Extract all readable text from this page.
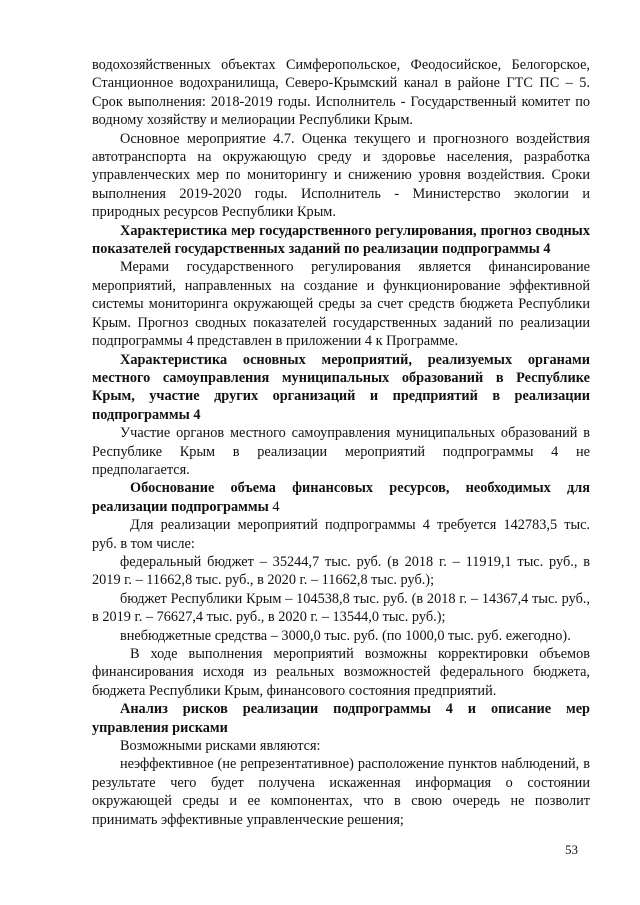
водохозяйственных объектах Симферопольское, Феодосийское, Белогорское, Станционное водохранилища, Северо-Крымский канал в районе ГТС ПС – 5. Срок выполнения: 2018-2019 годы. Исполнитель - Государственный комитет по водному хозяйству и мелиорации Республики Крым.

Основное мероприятие 4.7. Оценка текущего и прогнозного воздействия автотранспорта на окружающую среду и здоровье населения, разработка управленческих мер по мониторингу и снижению уровня воздействия. Сроки выполнения 2019-2020 годы. Исполнитель - Министерство экологии и природных ресурсов Республики Крым.

Характеристика мер государственного регулирования, прогноз сводных показателей государственных заданий по реализации подпрограммы 4

Мерами государственного регулирования является финансирование мероприятий, направленных на создание и функционирование эффективной системы мониторинга окружающей среды за счет средств бюджета Республики Крым. Прогноз сводных показателей государственных заданий по реализации подпрограммы 4 представлен в приложении 4 к Программе.

Характеристика основных мероприятий, реализуемых органами местного самоуправления муниципальных образований в Республике Крым, участие других организаций и предприятий в реализации подпрограммы 4

Участие органов местного самоуправления муниципальных образований в Республике Крым в реализации мероприятий подпрограммы 4 не предполагается.

Обоснование объема финансовых ресурсов, необходимых для реализации подпрограммы 4

Для реализации мероприятий подпрограммы 4 требуется 142783,5 тыс. руб. в том числе:

федеральный бюджет – 35244,7 тыс. руб. (в 2018 г. – 11919,1 тыс. руб., в 2019 г. – 11662,8 тыс. руб., в 2020 г. – 11662,8 тыс. руб.);

бюджет Республики Крым – 104538,8 тыс. руб. (в 2018 г. – 14367,4 тыс. руб., в 2019 г. – 76627,4 тыс. руб., в 2020 г. – 13544,0 тыс. руб.);

внебюджетные средства – 3000,0 тыс. руб. (по 1000,0 тыс. руб. ежегодно).

В ходе выполнения мероприятий возможны корректировки объемов финансирования исходя из реальных возможностей федерального бюджета, бюджета Республики Крым, финансового состояния предприятий.

Анализ рисков реализации подпрограммы 4 и описание мер управления рисками

Возможными рисками являются:

неэффективное (не репрезентативное) расположение пунктов наблюдений, в результате чего будет получена искаженная информация о состоянии окружающей среды и ее компонентах, что в свою очередь не позволит принимать эффективные управленческие решения;

53
